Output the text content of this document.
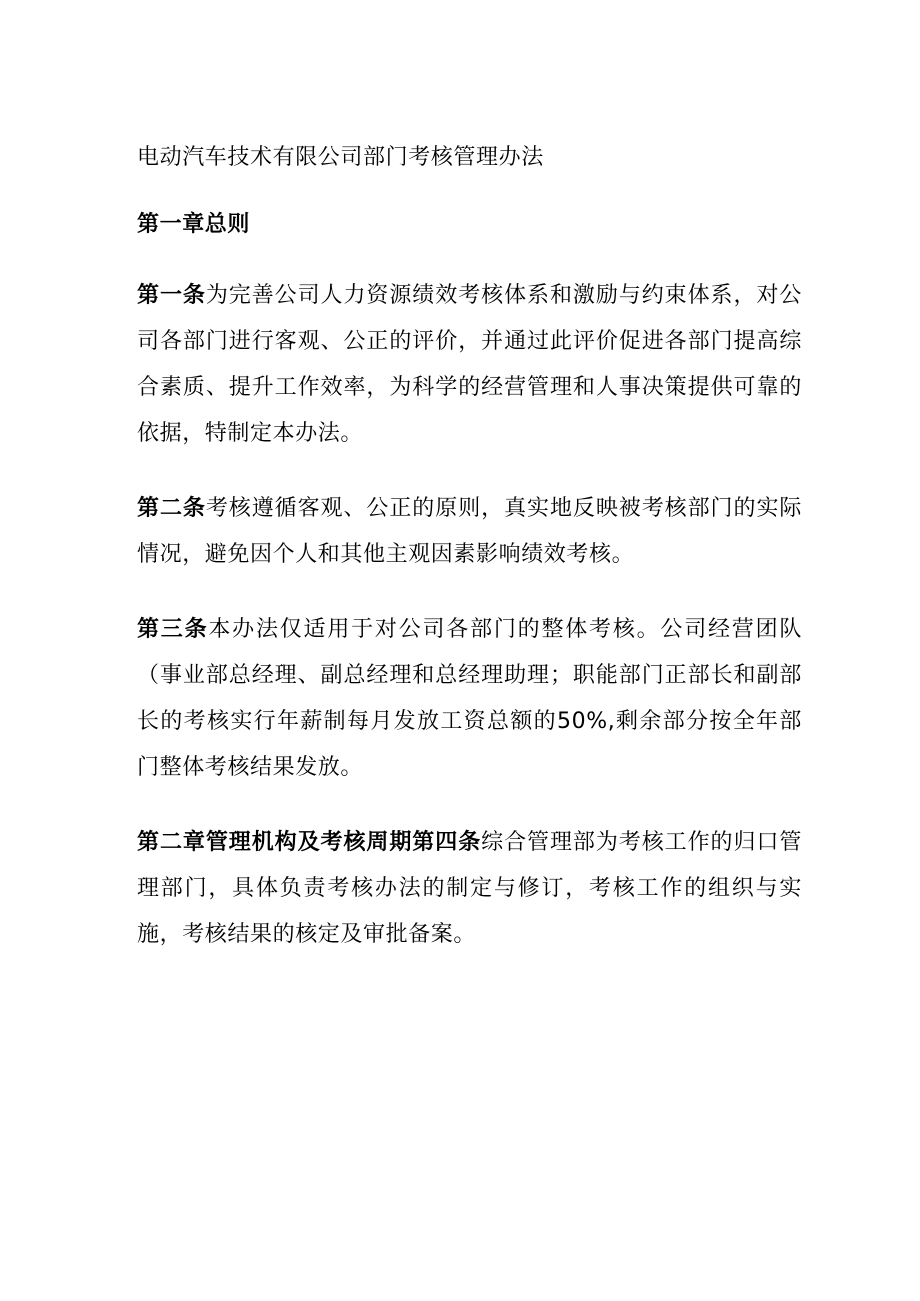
电动汽车技术有限公司部门考核管理办法
第一章总则

第一条为完善公司人力资源绩效考核体系和激励与约束体系，对公司各部门进行客观、公正的评价，并通过此评价促进各部门提高综合素质、提升工作效率，为科学的经营管理和人事决策提供可靠的依据，特制定本办法。

第二条考核遵循客观、公正的原则，真实地反映被考核部门的实际情况，避免因个人和其他主观因素影响绩效考核。

第三条本办法仅适用于对公司各部门的整体考核。公司经营团队（事业部总经理、副总经理和总经理助理；职能部门正部长和副部长的考核实行年薪制每月发放工资总额的50%,剩余部分按全年部门整体考核结果发放。

第二章管理机构及考核周期第四条综合管理部为考核工作的归口管理部门，具体负责考核办法的制定与修订，考核工作的组织与实施，考核结果的核定及审批备案。
